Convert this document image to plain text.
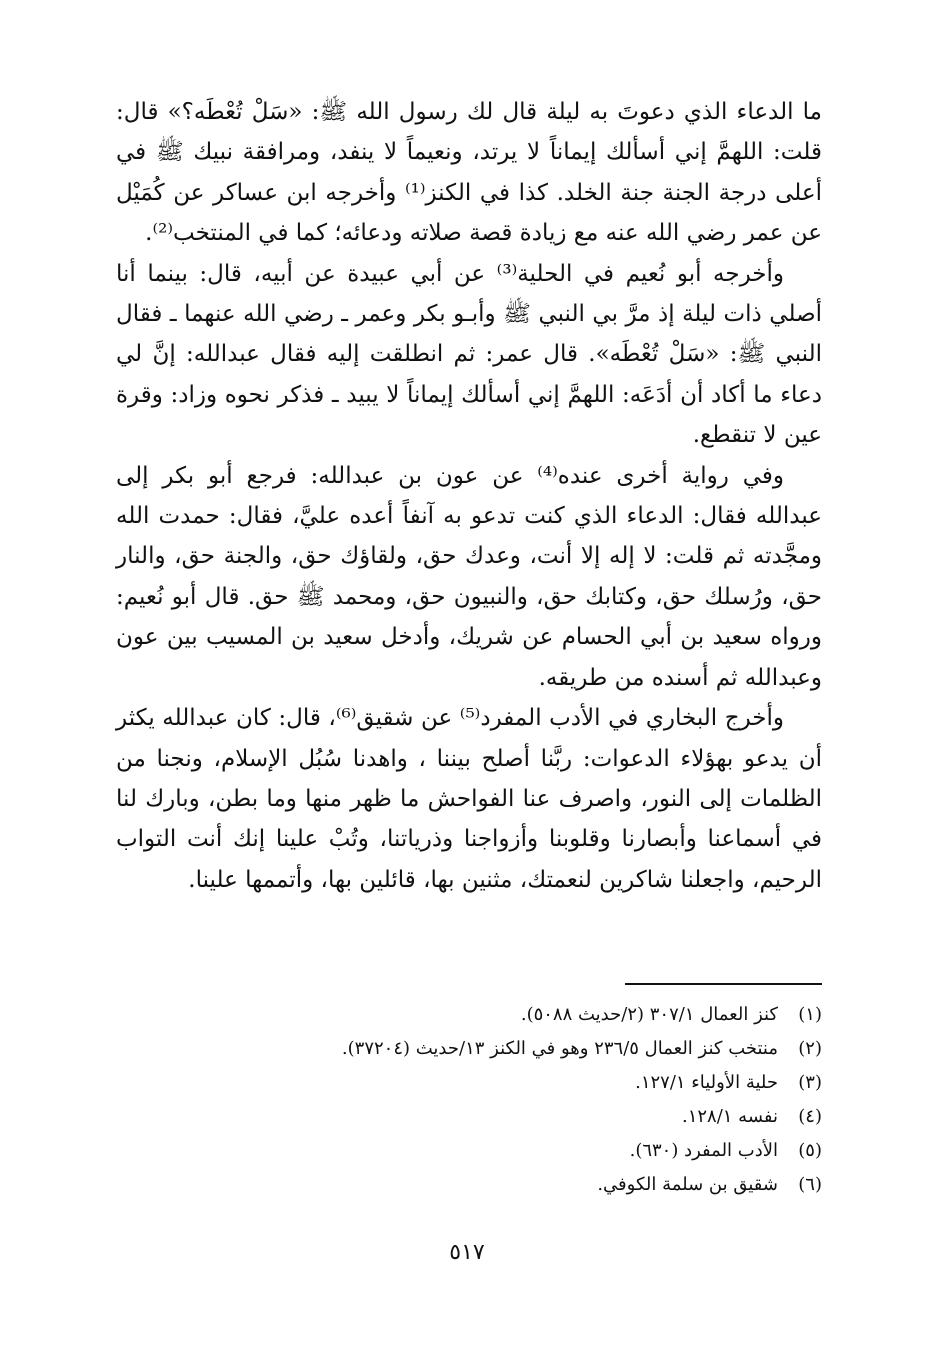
ما الدعاء الذي دعوتَ به ليلة قال لك رسول الله ﷺ: «سَلْ تُعْطَه؟» قال: قلت: اللهمَّ إني أسألك إيماناً لا يرتد، ونعيماً لا ينفد، ومرافقة نبيك ﷺ في أعلى درجة الجنة جنة الخلد. كذا في الكنز⁽¹⁾ وأخرجه ابن عساكر عن كُمَيْل عن عمر رضي الله عنه مع زيادة قصة صلاته ودعائه؛ كما في المنتخب⁽²⁾.

وأخرجه أبو نُعيم في الحلية⁽³⁾ عن أبي عبيدة عن أبيه، قال: بينما أنا أصلي ذات ليلة إذ مرَّ بي النبي ﷺ وأبـو بكر وعمر ـ رضي الله عنهما ـ فقال النبي ﷺ: «سَلْ تُعْطَه». قال عمر: ثم انطلقت إليه فقال عبدالله: إنَّ لي دعاء ما أكاد أن أدَعَه: اللهمَّ إني أسألك إيماناً لا يبيد ـ فذكر نحوه وزاد: وقرة عين لا تنقطع.

وفي رواية أخرى عنده⁽⁴⁾ عن عون بن عبدالله: فرجع أبو بكر إلى عبدالله فقال: الدعاء الذي كنت تدعو به آنفاً أعده عليَّ، فقال: حمدت الله ومجَّدته ثم قلت: لا إله إلا أنت، وعدك حق، ولقاؤك حق، والجنة حق، والنار حق، ورُسلك حق، وكتابك حق، والنبيون حق، ومحمد ﷺ حق. قال أبو نُعيم: ورواه سعيد بن أبي الحسام عن شريك، وأدخل سعيد بن المسيب بين عون وعبدالله ثم أسنده من طريقه.

وأخرج البخاري في الأدب المفرد⁽⁵⁾ عن شقيق⁽⁶⁾، قال: كان عبدالله يكثر أن يدعو بهؤلاء الدعوات: ربَّنا أصلح بيننا ، واهدنا سُبُل الإسلام، ونجنا من الظلمات إلى النور، واصرف عنا الفواحش ما ظهر منها وما بطن، وبارك لنا في أسماعنا وأبصارنا وقلوبنا وأزواجنا وذرياتنا، وتُبْ علينا إنك أنت التواب الرحيم، واجعلنا شاكرين لنعمتك، مثنين بها، قائلين بها، وأتممها علينا.

(١)
كنز العمال ٣٠٧/١ (٢/حديث ٥٠٨٨).
(٢)
منتخب كنز العمال ٢٣٦/٥ وهو في الكنز ١٣/حديث (٣٧٢٠٤).
(٣)
حلية الأولياء ١٢٧/١.
(٤)
نفسه ١٢٨/١.
(٥)
الأدب المفرد (٦٣٠).
(٦)
شقيق بن سلمة الكوفي.
٥١٧
